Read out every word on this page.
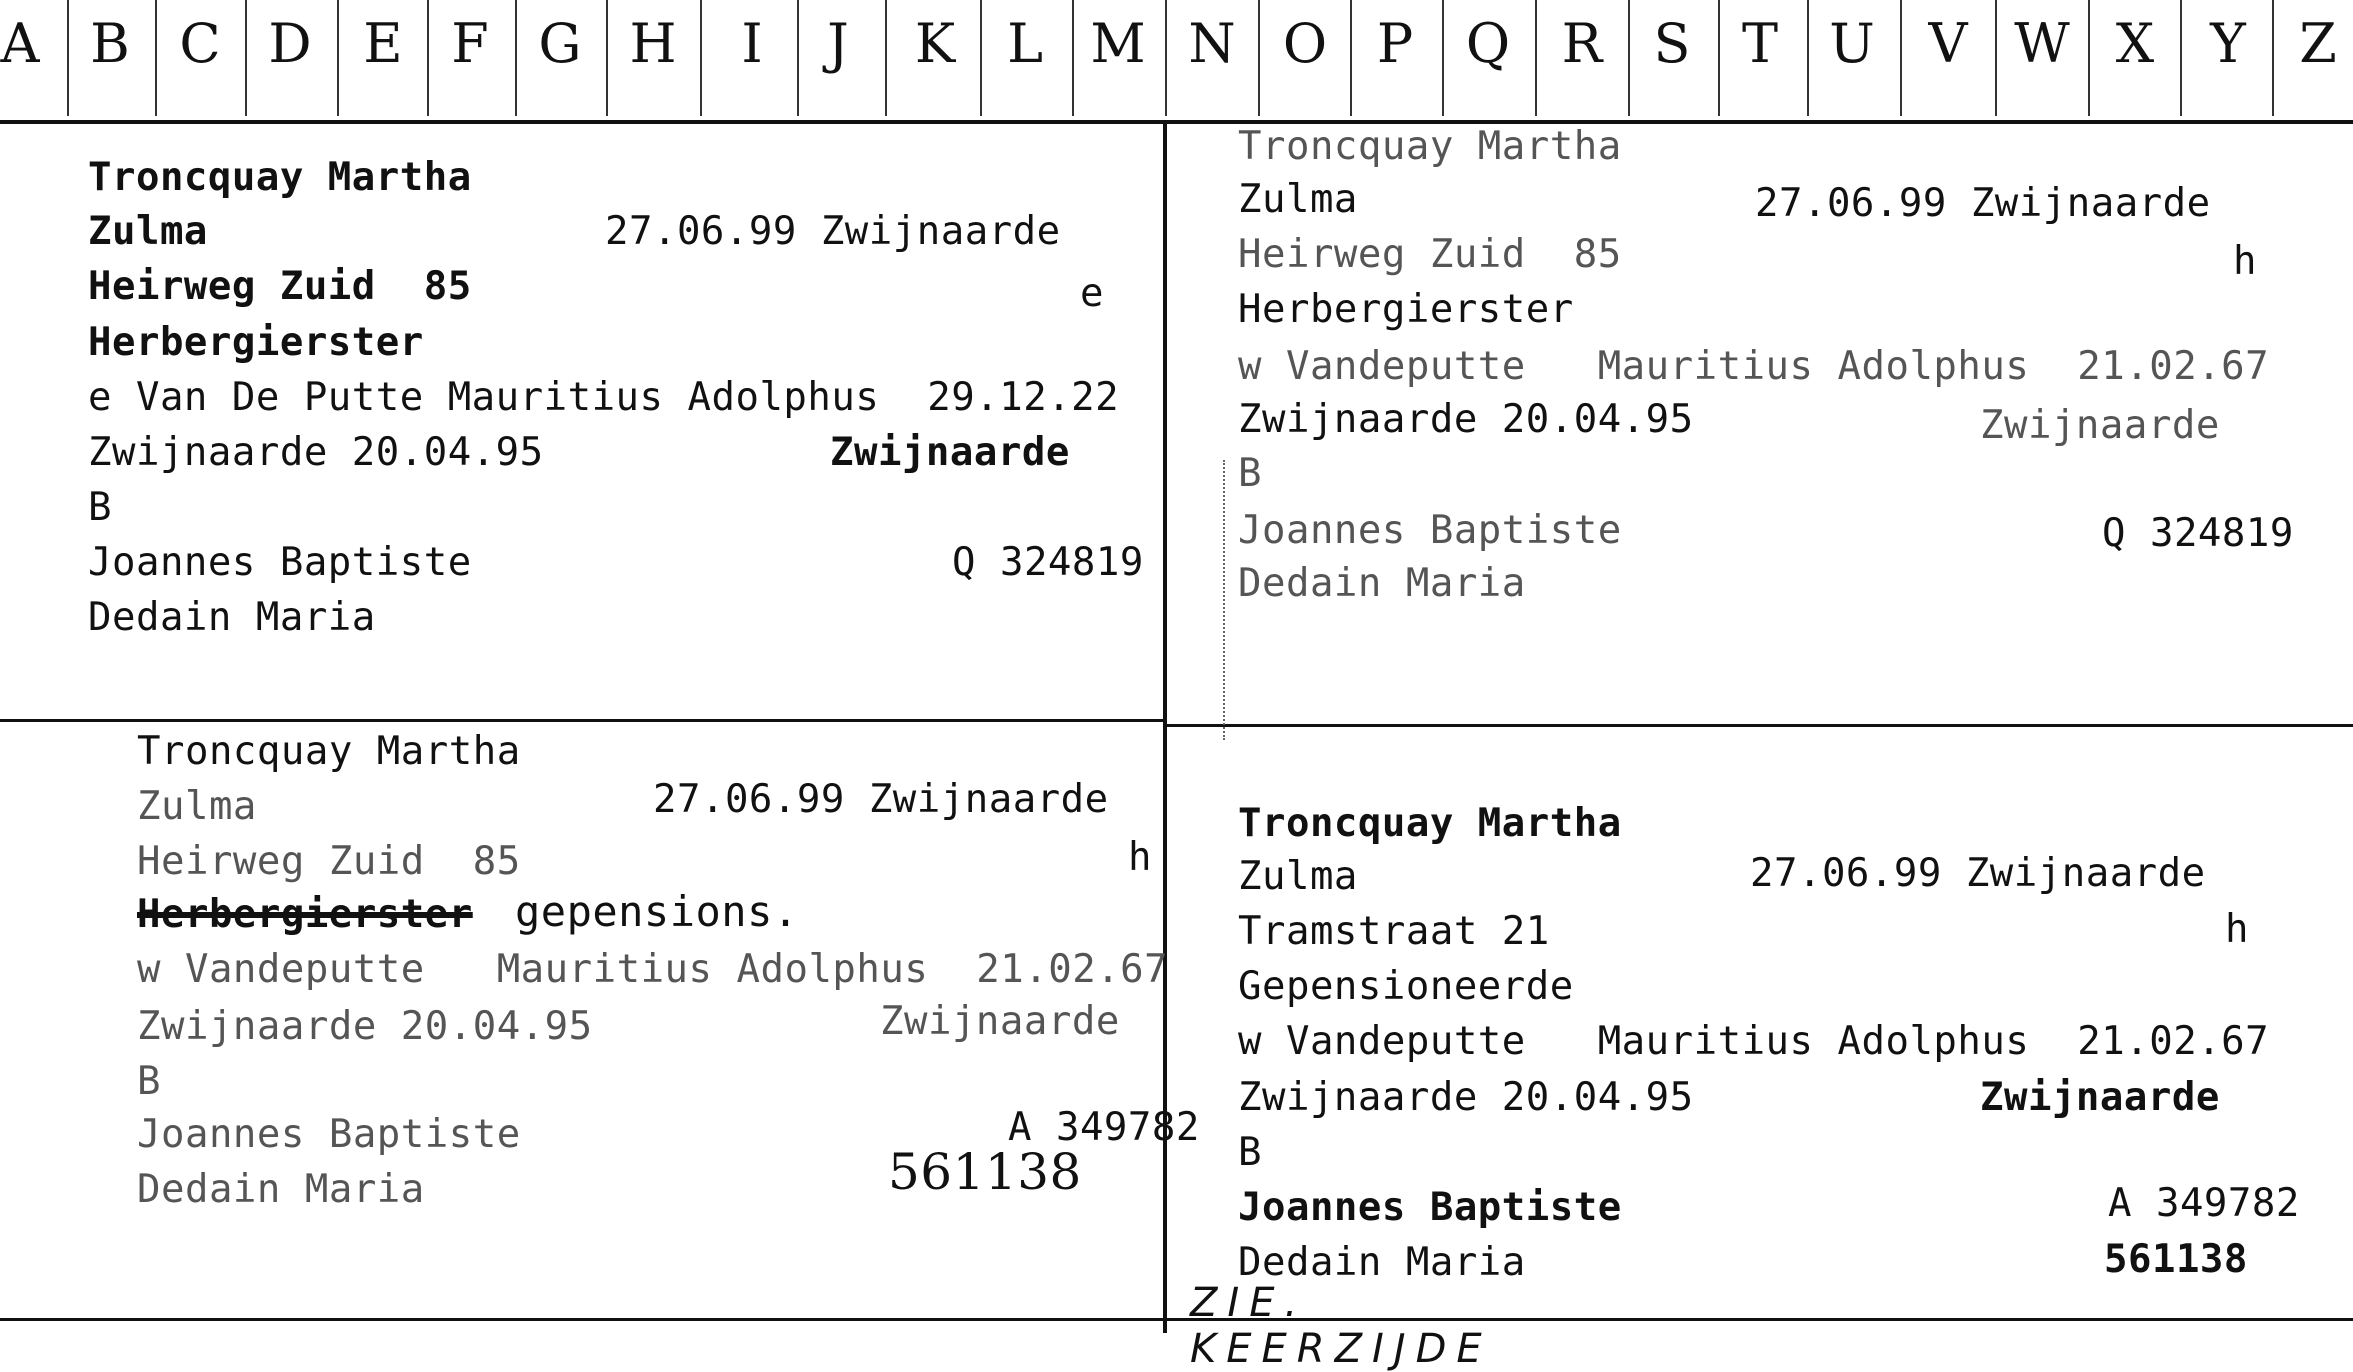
A B C D E F G H	I	J	K L M N O P Q R S T U V W X Y Z
Troncquay Martha
Zulma	27.06.99 Zwijnaarde
Heirweg Zuid  85	e
Herbergierster
e Van De Putte Mauritius Adolphus  29.12.22
Zwijnaarde 20.04.95	Zwijnaarde
B
Joannes Baptiste	Q 324819
Dedain Maria
Troncquay Martha
Zulma	27.06.99 Zwijnaarde
Heirweg Zuid  85	h
Herbergierster
w Vandeputte   Mauritius Adolphus  21.02.67
Zwijnaarde 20.04.95	Zwijnaarde
B
Joannes Baptiste	Q 324819
Dedain Maria
Troncquay Martha
Zulma	27.06.99 Zwijnaarde
Heirweg Zuid  85	h
Herbergierster gepensions.
w Vandeputte   Mauritius Adolphus  21.02.67
Zwijnaarde 20.04.95	Zwijnaarde
B
Joannes Baptiste	A 349782
Dedain Maria	561138
Troncquay Martha
Zulma	27.06.99 Zwijnaarde
Tramstraat 21	h
Gepensioneerde
w Vandeputte   Mauritius Adolphus  21.02.67
Zwijnaarde 20.04.95	Zwijnaarde
B
Joannes Baptiste	A 349782
Dedain Maria	561138
ZIE. KEERZIJDE
